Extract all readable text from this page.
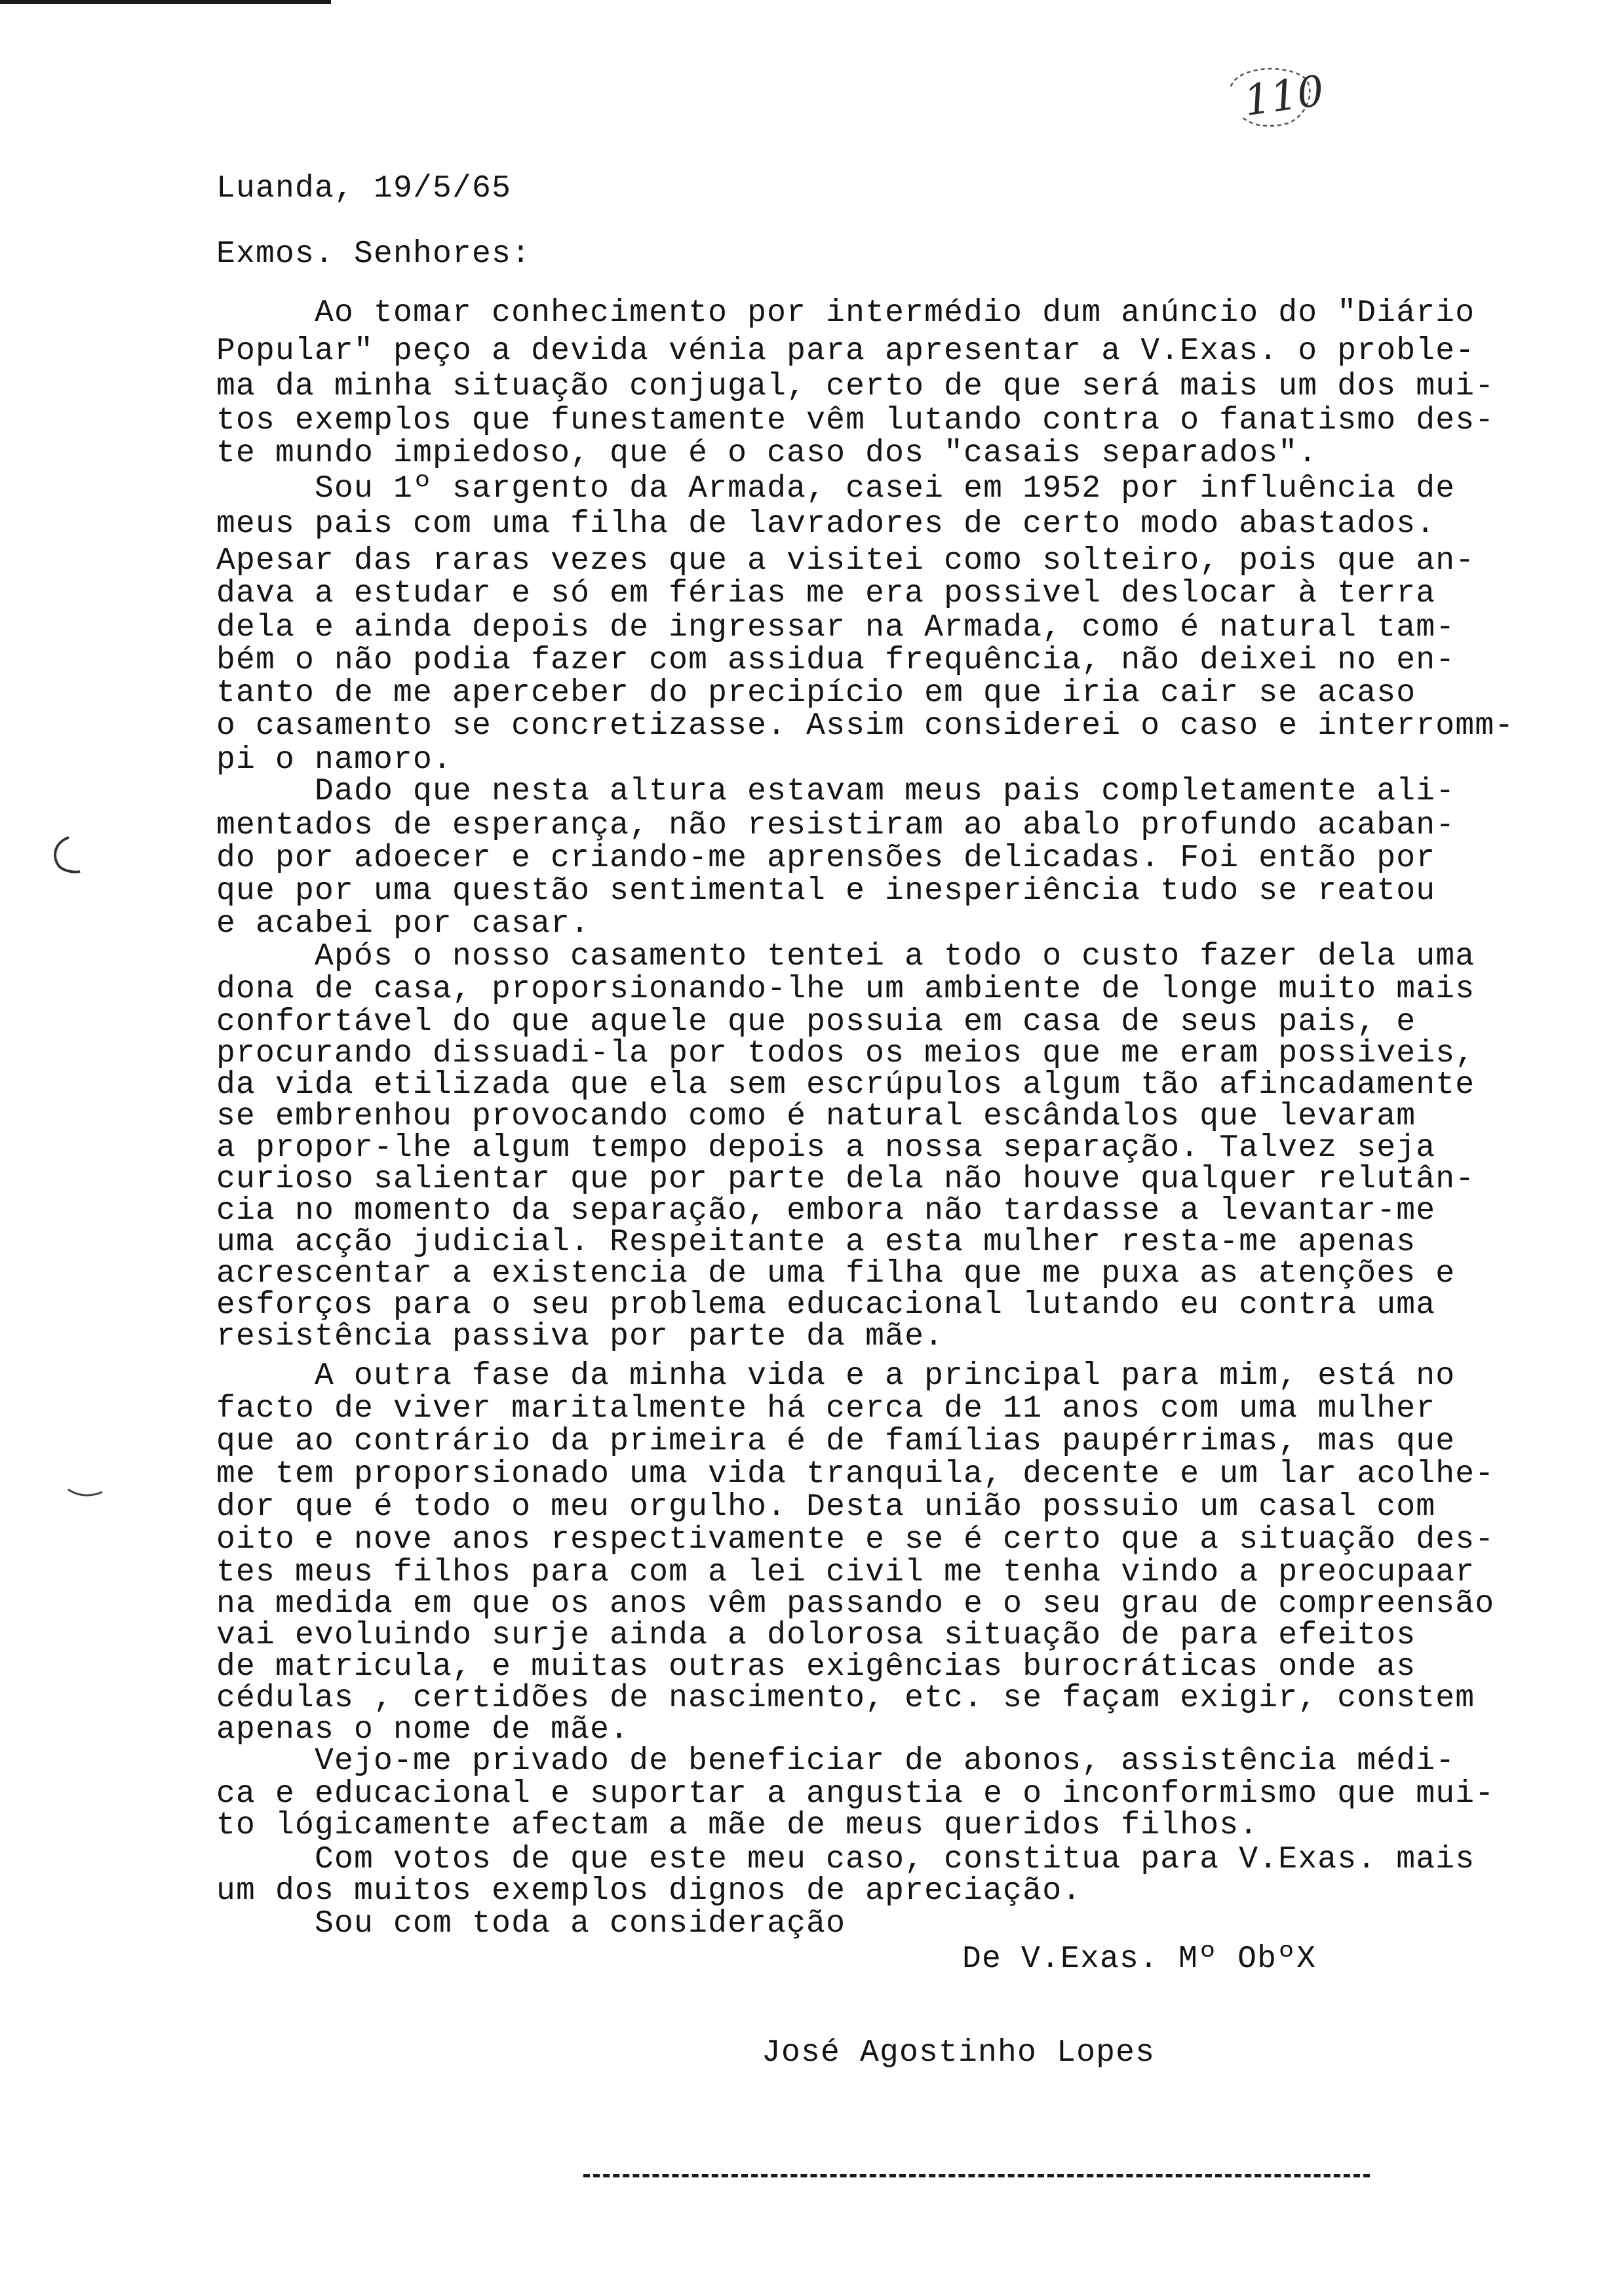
110
Luanda, 19/5/65
Exmos. Senhores:
Ao tomar conhecimento por intermédio dum anúncio do "Diário
Popular" peço a devida vénia para apresentar a V.Exas. o proble-
ma da minha situação conjugal, certo de que será mais um dos mui-
tos exemplos que funestamente vêm lutando contra o fanatismo des-
te mundo impiedoso, que é o caso dos "casais separados".
Sou 1º sargento da Armada, casei em 1952 por influência de
meus pais com uma filha de lavradores de certo modo abastados.
Apesar das raras vezes que a visitei como solteiro, pois que an-
dava a estudar e só em férias me era possivel deslocar à terra
dela e ainda depois de ingressar na Armada, como é natural tam-
bém o não podia fazer com assidua frequência, não deixei no en-
tanto de me aperceber do precipício em que iria cair se acaso
o casamento se concretizasse. Assim considerei o caso e interromm-
pi o namoro.
Dado que nesta altura estavam meus pais completamente ali-
mentados de esperança, não resistiram ao abalo profundo acaban-
do por adoecer e criando-me aprensões delicadas. Foi então por
que por uma questão sentimental e inesperiência tudo se reatou
e acabei por casar.
Após o nosso casamento tentei a todo o custo fazer dela uma
dona de casa, proporsionando-lhe um ambiente de longe muito mais
confortável do que aquele que possuia em casa de seus pais, e
procurando dissuadi-la por todos os meios que me eram possiveis,
da vida etilizada que ela sem escrúpulos algum tão afincadamente
se embrenhou provocando como é natural escândalos que levaram
a propor-lhe algum tempo depois a nossa separação. Talvez seja
curioso salientar que por parte dela não houve qualquer relutân-
cia no momento da separação, embora não tardasse a levantar-me
uma acção judicial. Respeitante a esta mulher resta-me apenas
acrescentar a existencia de uma filha que me puxa as atenções e
esforços para o seu problema educacional lutando eu contra uma
resistência passiva por parte da mãe.
A outra fase da minha vida e a principal para mim, está no
facto de viver maritalmente há cerca de 11 anos com uma mulher
que ao contrário da primeira é de famílias paupérrimas, mas que
me tem proporsionado uma vida tranquila, decente e um lar acolhe-
dor que é todo o meu orgulho. Desta união possuio um casal com
oito e nove anos respectivamente e se é certo que a situação des-
tes meus filhos para com a lei civil me tenha vindo a preocupaar
na medida em que os anos vêm passando e o seu grau de compreensão
vai evoluindo surje ainda a dolorosa situação de para efeitos
de matricula, e muitas outras exigências burocráticas onde as
cédulas , certidões de nascimento, etc. se façam exigir, constem
apenas o nome de mãe.
Vejo-me privado de beneficiar de abonos, assistência médi-
ca e educacional e suportar a angustia e o inconformismo que mui-
to lógicamente afectam a mãe de meus queridos filhos.
Com votos de que este meu caso, constitua para V.Exas. mais
um dos muitos exemplos dignos de apreciação.
Sou com toda a consideração
De V.Exas. Mº ObºX
José Agostinho Lopes
